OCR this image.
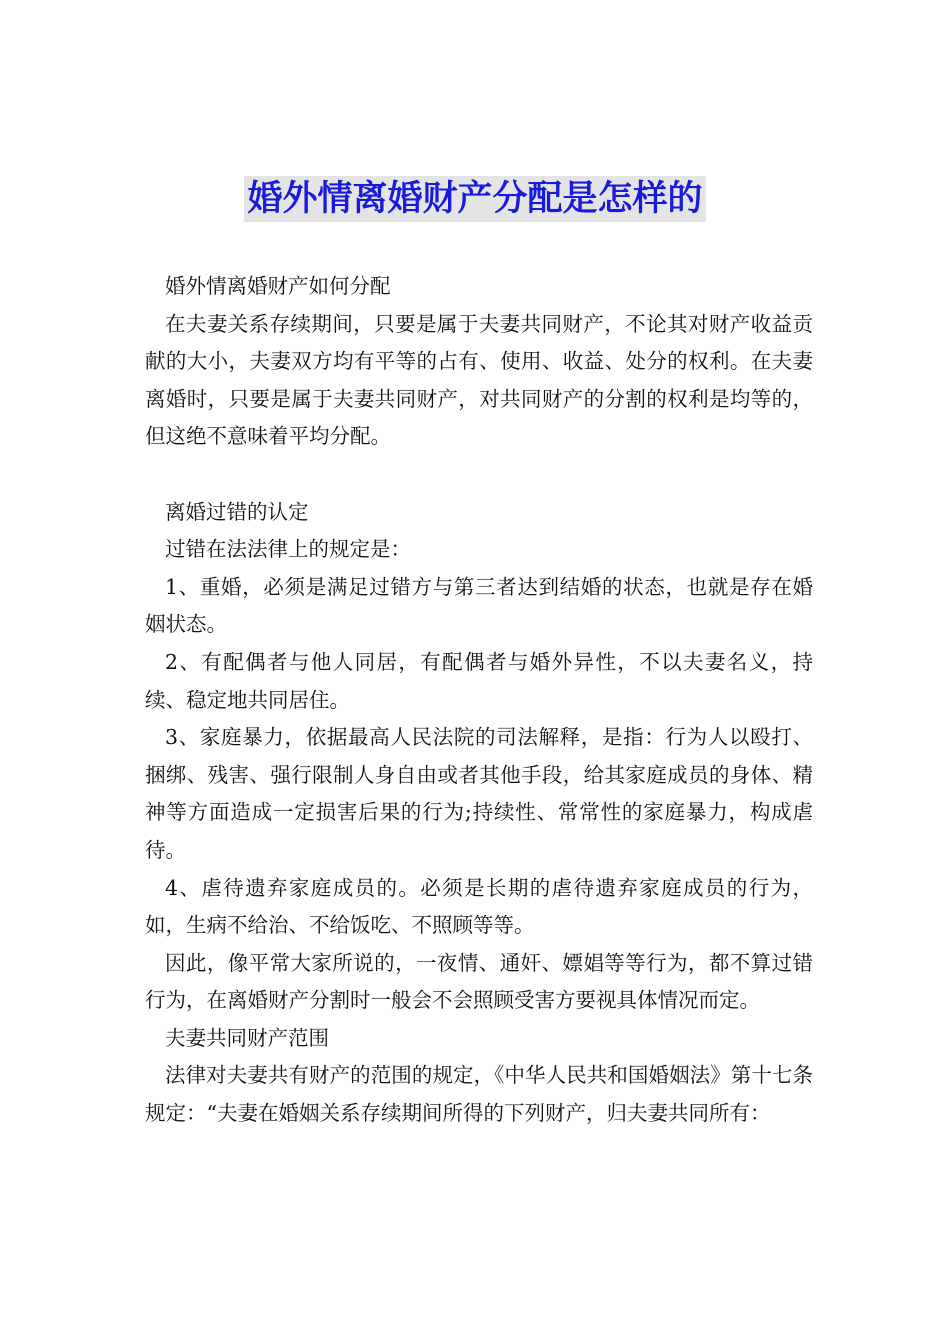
婚外情离婚财产分配是怎样的

婚外情离婚财产如何分配

在夫妻关系存续期间，只要是属于夫妻共同财产，不论其对财产收益贡献的大小，夫妻双方均有平等的占有、使用、收益、处分的权利。在夫妻离婚时，只要是属于夫妻共同财产，对共同财产的分割的权利是均等的，但这绝不意味着平均分配。

离婚过错的认定

过错在法法律上的规定是：

1、重婚，必须是满足过错方与第三者达到结婚的状态，也就是存在婚姻状态。

2、有配偶者与他人同居，有配偶者与婚外异性，不以夫妻名义，持续、稳定地共同居住。

3、家庭暴力，依据最高人民法院的司法解释，是指：行为人以殴打、捆绑、残害、强行限制人身自由或者其他手段，给其家庭成员的身体、精神等方面造成一定损害后果的行为;持续性、常常性的家庭暴力，构成虐待。

4、虐待遗弃家庭成员的。必须是长期的虐待遗弃家庭成员的行为，如，生病不给治、不给饭吃、不照顾等等。

因此，像平常大家所说的，一夜情、通奸、嫖娼等等行为，都不算过错行为，在离婚财产分割时一般会不会照顾受害方要视具体情况而定。

夫妻共同财产范围

法律对夫妻共有财产的范围的规定，《中华人民共和国婚姻法》第十七条规定：“夫妻在婚姻关系存续期间所得的下列财产，归夫妻共同所有：
